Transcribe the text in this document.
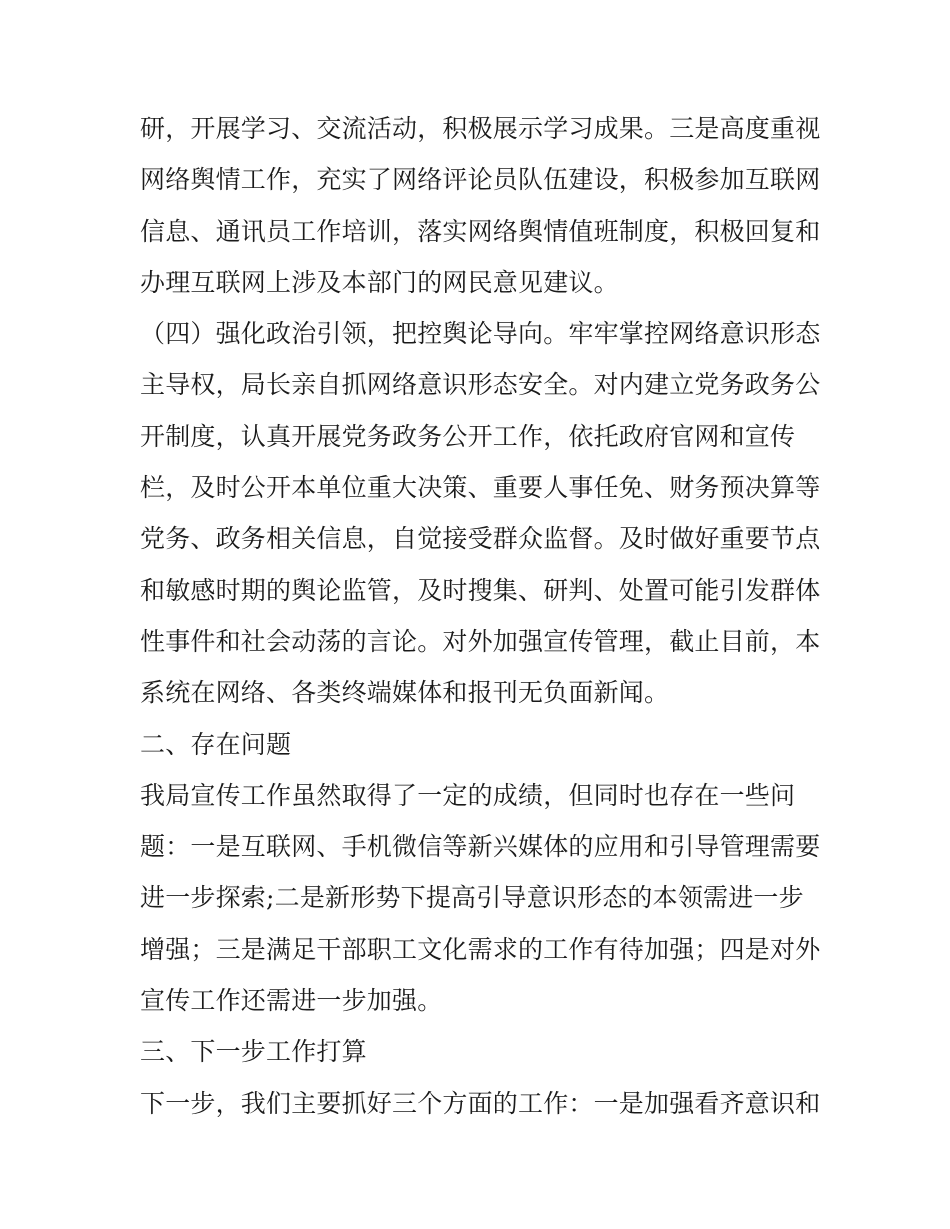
研，开展学习、交流活动，积极展示学习成果。三是高度重视
网络舆情工作，充实了网络评论员队伍建设，积极参加互联网
信息、通讯员工作培训，落实网络舆情值班制度，积极回复和
办理互联网上涉及本部门的网民意见建议。
（四）强化政治引领，把控舆论导向。牢牢掌控网络意识形态
主导权，局长亲自抓网络意识形态安全。对内建立党务政务公
开制度，认真开展党务政务公开工作，依托政府官网和宣传
栏，及时公开本单位重大决策、重要人事任免、财务预决算等
党务、政务相关信息，自觉接受群众监督。及时做好重要节点
和敏感时期的舆论监管，及时搜集、研判、处置可能引发群体
性事件和社会动荡的言论。对外加强宣传管理，截止目前，本
系统在网络、各类终端媒体和报刊无负面新闻。
二、存在问题
我局宣传工作虽然取得了一定的成绩，但同时也存在一些问
题：一是互联网、手机微信等新兴媒体的应用和引导管理需要
进一步探索;二是新形势下提高引导意识形态的本领需进一步
增强；三是满足干部职工文化需求的工作有待加强；四是对外
宣传工作还需进一步加强。
三、下一步工作打算
下一步，我们主要抓好三个方面的工作：一是加强看齐意识和
